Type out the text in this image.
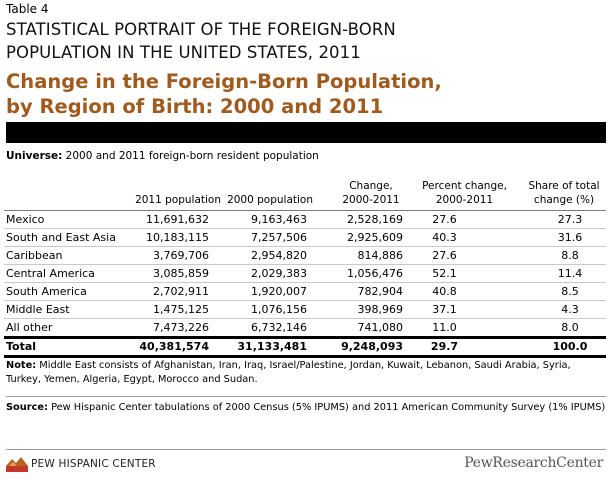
Table 4
STATISTICAL PORTRAIT OF THE FOREIGN-BORN
POPULATION IN THE UNITED STATES, 2011
Change in the Foreign-Born Population,
by Region of Birth: 2000 and 2011
Universe: 2000 and 2011 foreign-born resident population
	2011 population	2000 population	Change, 2000-2011	Percent change, 2000-2011	Share of total change (%)
Mexico	11,691,632	9,163,463	2,528,169	27.6	27.3
South and East Asia	10,183,115	7,257,506	2,925,609	40.3	31.6
Caribbean	3,769,706	2,954,820	814,886	27.6	8.8
Central America	3,085,859	2,029,383	1,056,476	52.1	11.4
South America	2,702,911	1,920,007	782,904	40.8	8.5
Middle East	1,475,125	1,076,156	398,969	37.1	4.3
All other	7,473,226	6,732,146	741,080	11.0	8.0
Total	40,381,574	31,133,481	9,248,093	29.7	100.0
Note: Middle East consists of Afghanistan, Iran, Iraq, Israel/Palestine, Jordan, Kuwait, Lebanon, Saudi Arabia, Syria, Turkey, Yemen, Algeria, Egypt, Morocco and Sudan.
Source: Pew Hispanic Center tabulations of 2000 Census (5% IPUMS) and 2011 American Community Survey (1% IPUMS)
PEW HISPANIC CENTER	PewResearchCenter
